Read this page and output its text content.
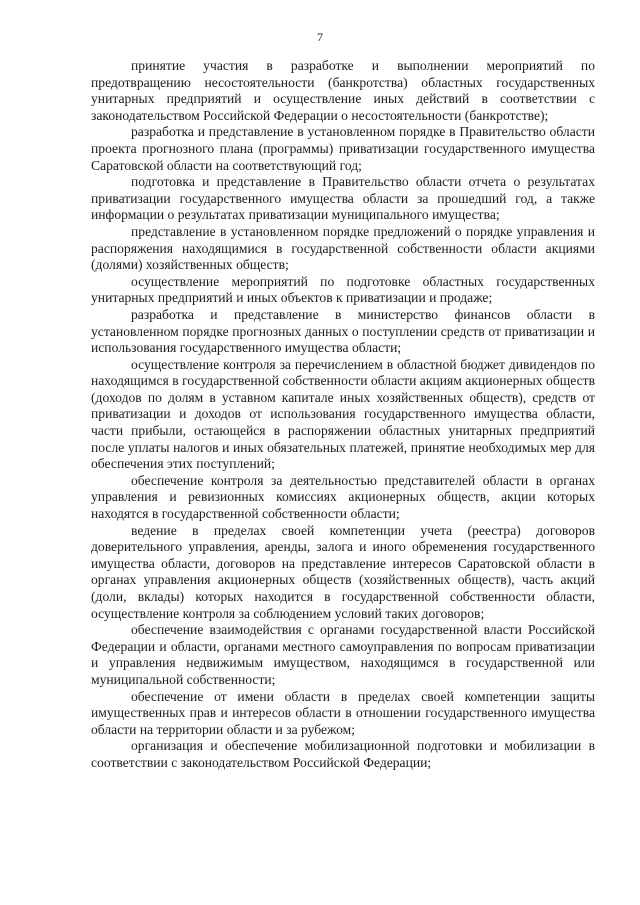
7

принятие участия в разработке и выполнении мероприятий по предотвращению несостоятельности (банкротства) областных государственных унитарных предприятий и осуществление иных действий в соответствии с законодательством Российской Федерации о несостоятельности (банкротстве);

разработка и представление в установленном порядке в Правительство области проекта прогнозного плана (программы) приватизации государственного имущества Саратовской области на соответствующий год;

подготовка и представление в Правительство области отчета о результатах приватизации государственного имущества области за прошедший год, а также информации о результатах приватизации муниципального имущества;

представление в установленном порядке предложений о порядке управления и распоряжения находящимися в государственной собственности области акциями (долями) хозяйственных обществ;

осуществление мероприятий по подготовке областных государственных унитарных предприятий и иных объектов к приватизации и продаже;

разработка и представление в министерство финансов области в установленном порядке прогнозных данных о поступлении средств от приватизации и использования государственного имущества области;

осуществление контроля за перечислением в областной бюджет дивидендов по находящимся в государственной собственности области акциям акционерных обществ (доходов по долям в уставном капитале иных хозяйственных обществ), средств от приватизации и доходов от использования государственного имущества области, части прибыли, остающейся в распоряжении областных унитарных предприятий после уплаты налогов и иных обязательных платежей, принятие необходимых мер для обеспечения этих поступлений;

обеспечение контроля за деятельностью представителей области в органах управления и ревизионных комиссиях акционерных обществ, акции которых находятся в государственной собственности области;

ведение в пределах своей компетенции учета (реестра) договоров доверительного управления, аренды, залога и иного обременения государственного имущества области, договоров на представление интересов Саратовской области в органах управления акционерных обществ (хозяйственных обществ), часть акций (доли, вклады) которых находится в государственной собственности области, осуществление контроля за соблюдением условий таких договоров;

обеспечение взаимодействия с органами государственной власти Российской Федерации и области, органами местного самоуправления по вопросам приватизации и управления недвижимым имуществом, находящимся в государственной или муниципальной собственности;

обеспечение от имени области в пределах своей компетенции защиты имущественных прав и интересов области в отношении государственного имущества области на территории области и за рубежом;

организация и обеспечение мобилизационной подготовки и мобилизации в соответствии с законодательством Российской Федерации;
